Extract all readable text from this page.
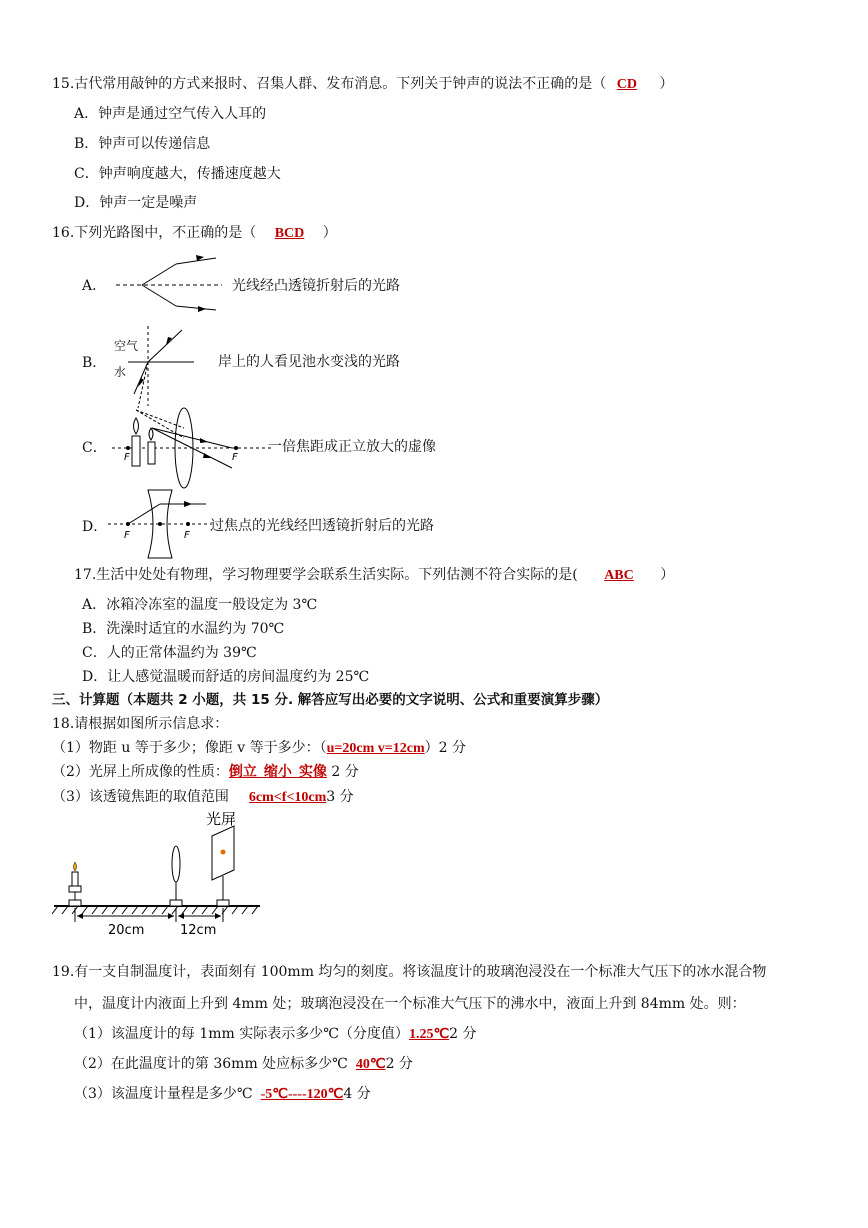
15.古代常用敲钟的方式来报时、召集人群、发布消息。下列关于钟声的说法不正确的是（ CD ）
A．钟声是通过空气传入人耳的
B．钟声可以传递信息
C．钟声响度越大，传播速度越大
D．钟声一定是噪声
16.下列光路图中，不正确的是（ BCD ）
A．	光线经凸透镜折射后的光路
B．
空气
水
岸上的人看见池水变浅的光路
C．
F	F
一倍焦距成正立放大的虚像
D．
F	F
过焦点的光线经凹透镜折射后的光路
17.生活中处处有物理，学习物理要学会联系生活实际。下列估测不符合实际的是( ABC ）
A．冰箱冷冻室的温度一般设定为 3℃
B．洗澡时适宜的水温约为 70℃
C．人的正常体温约为 39℃
D．让人感觉温暖而舒适的房间温度约为 25℃
三、计算题（本题共 2 小题，共 15 分. 解答应写出必要的文字说明、公式和重要演算步骤）
18.请根据如图所示信息求：
（1）物距 u 等于多少；像距 v 等于多少：（u=20cm v=12cm）2 分
（2）光屏上所成像的性质：倒立  缩小  实像 2 分
（3）该透镜焦距的取值范围 6cm<f<10cm3 分
20cm	12cm
光屏
19.有一支自制温度计，表面刻有 100mm 均匀的刻度。将该温度计的玻璃泡浸没在一个标准大气压下的冰水混合物
中，温度计内液面上升到 4mm 处；玻璃泡浸没在一个标准大气压下的沸水中，液面上升到 84mm 处。则：
（1）该温度计的每 1mm 实际表示多少℃（分度值）1.25℃2 分
（2）在此温度计的第 36mm 处应标多少℃ 40℃2 分
（3）该温度计量程是多少℃ -5℃----120℃4 分
